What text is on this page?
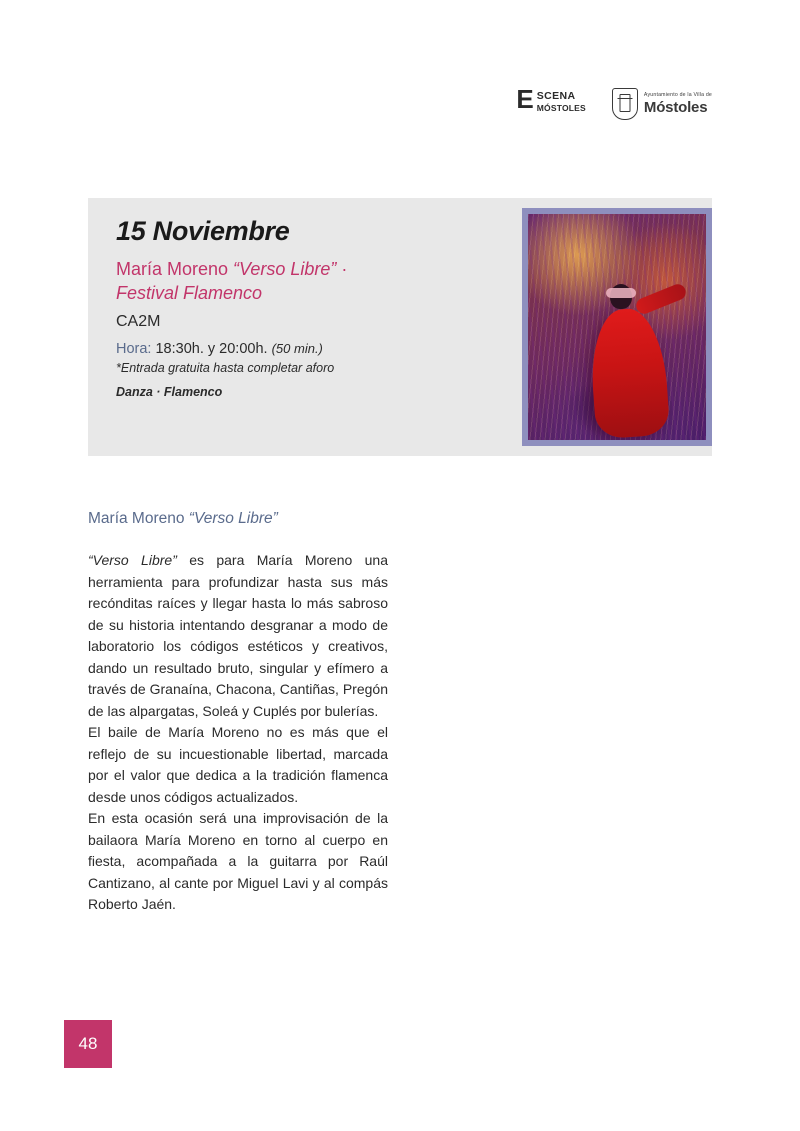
E SCENA
MÓSTOLES
Ayuntamiento de la Villa de
Móstoles
15 Noviembre
María Moreno “Verso Libre” ·
Festival Flamenco
CA2M
Hora: 18:30h. y 20:00h. (50 min.)
*Entrada gratuita hasta completar aforo
Danza · Flamenco
María Moreno “Verso Libre”

“Verso Libre” es para María Moreno una herramienta para profundizar hasta sus más recónditas raíces y llegar hasta lo más sabroso de su historia intentando desgranar a modo de laboratorio los códigos estéticos y creativos, dando un resultado bruto, singular y efímero a través de Granaína, Chacona, Cantiñas, Pregón de las alpargatas, Soleá y Cuplés por bulerías.

El baile de María Moreno no es más que el reflejo de su incuestionable libertad, marcada por el valor que dedica a la tradición flamenca desde unos códigos actualizados.

En esta ocasión será una improvisación de la bailaora María Moreno en torno al cuerpo en fiesta, acompañada a la guitarra por Raúl Cantizano, al cante por Miguel Lavi y al compás Roberto Jaén.

48
